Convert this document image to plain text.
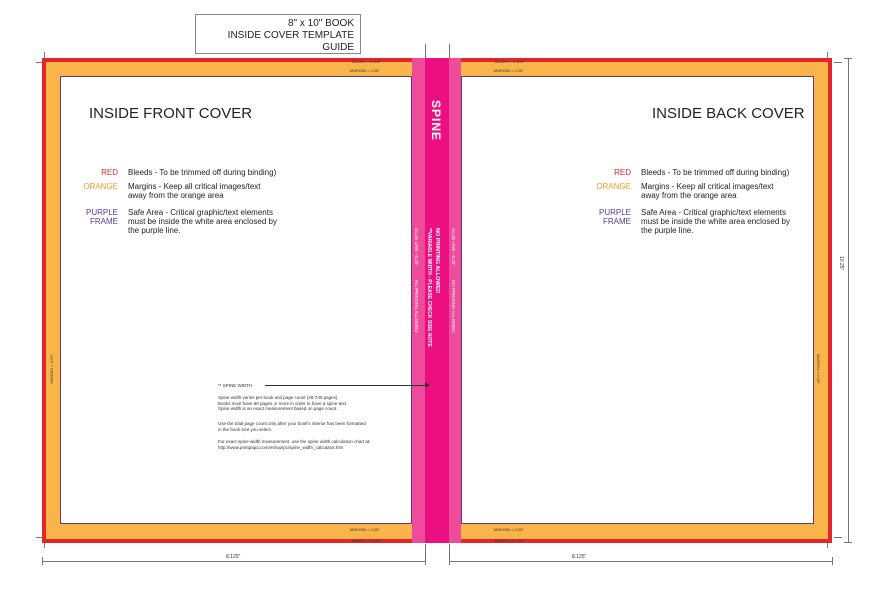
8" x 10" BOOK
INSIDE COVER TEMPLATE GUIDE
BLEED = 0.125"
MARGIN = 0.25"
MARGIN = 0.25"
BLEED = 0.125"
BLEED = 0.125"
MARGIN = 0.25"
MARGIN = 0.25"
BLEED = 0.125"
MARGIN = 0.25"	MARGIN = 0.25"
SPINE
NO PRINTING ALLOWED
**VARIABLE WIDTH - PLEASE CHECK SIDE NOTE
GLUE LINE - 0.25"
NO PRINTING ALLOWED
GLUE LINE - 0.25"
NO PRINTING ALLOWED
INSIDE FRONT COVER
RED Bleeds - To be trimmed off during binding)
ORANGE Margins - Keep all critical images/text away from the orange area
PURPLE FRAME
Safe Area - Critical graphic/text elements must be inside the white area enclosed by the purple line.
** SPINE WIDTH
Spine width varies per book and page count (48-740 pages).
Books must have 80 pages or more in order to have a spine text.
Spine width is an exact measurement based on page count.
Use the total page count only after your book's interior has been formatted
in the book size you select.
For exact spine width measurement, use the spine width calculation chart at:
http://www.printpapa.com/eshop/pc/spine_width_calculator.htm
INSIDE BACK COVER
RED Bleeds - To be trimmed off during binding)
ORANGE Margins - Keep all critical images/text away from the orange area
PURPLE FRAME
Safe Area - Critical graphic/text elements must be inside the white area enclosed by the purple line.
8.125"	8.125"
10.25"
